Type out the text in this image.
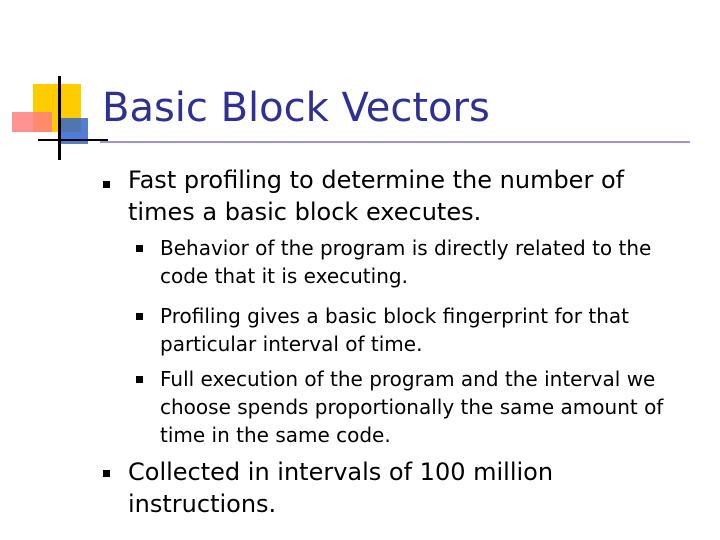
Basic Block Vectors
Fast profiling to determine the number of times a basic block executes.
Behavior of the program is directly related to the code that it is executing.
Profiling gives a basic block fingerprint for that particular interval of time.
Full execution of the program and the interval we choose spends proportionally the same amount of time in the same code.
Collected in intervals of 100 million instructions.
